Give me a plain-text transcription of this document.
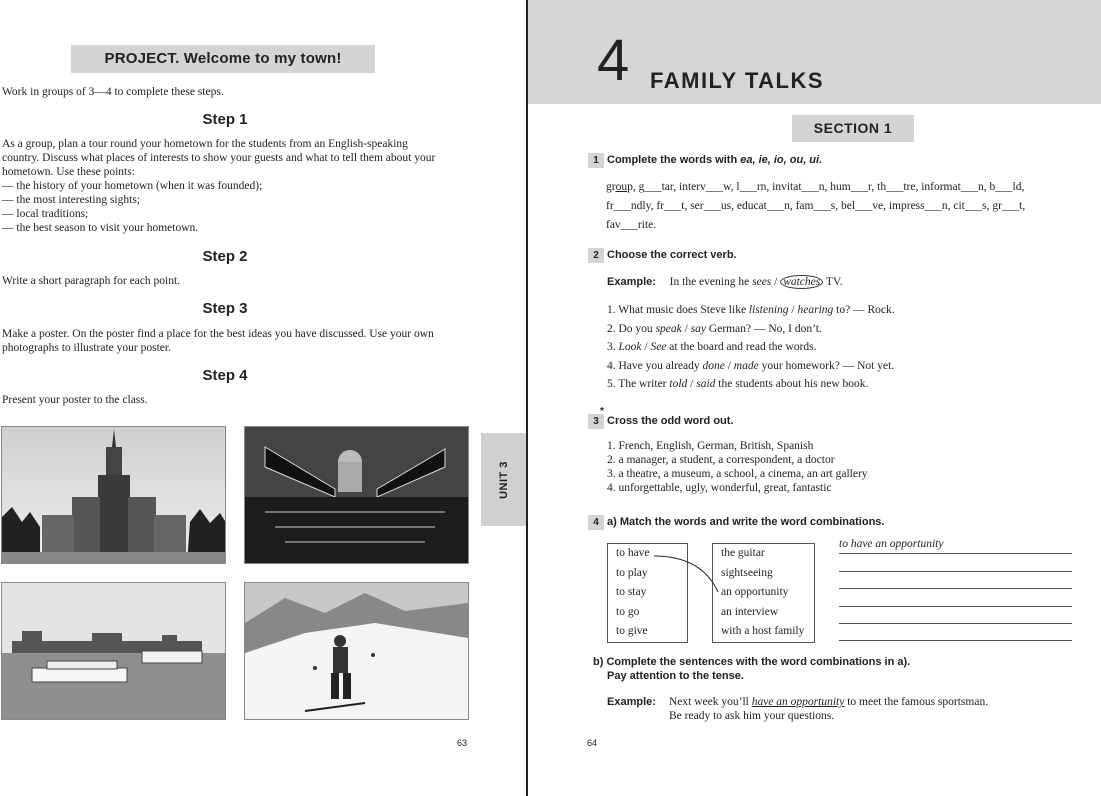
PROJECT. Welcome to my town!
Work in groups of 3—4 to complete these steps.
Step 1
As a group, plan a tour round your hometown for the students from an English-speaking
country. Discuss what places of interests to show your guests and what to tell them about your
hometown. Use these points:
— the history of your hometown (when it was founded);
— the most interesting sights;
— local traditions;
— the best season to visit your hometown.
Step 2
Write a short paragraph for each point.
Step 3
Make a poster. On the poster find a place for the best ideas you have discussed. Use your own
photographs to illustrate your poster.
Step 4
Present your poster to the class.
UNIT 3
63
4 FAMILY TALKS
SECTION 1
1 Complete the words with ea, ie, io, ou, ui.
group, g___tar, interv___w, l___rn, invitat___n, hum___r, th___tre, informat___n, b___ld,
fr___ndly, fr___t, ser___us, educat___n, fam___s, bel___ve, impress___n, cit___s, gr___t,
fav___rite.
2 Choose the correct verb.
Example: In the evening he sees / watches TV.
1. What music does Steve like listening / hearing to? — Rock.
2. Do you speak / say German? — No, I don’t.
3. Look / See at the board and read the words.
4. Have you already done / made your homework? — Not yet.
5. The writer told / said the students about his new book.
3
*
Cross the odd word out.
1. French, English, German, British, Spanish
2. a manager, a student, a correspondent, a doctor
3. a theatre, a museum, a school, a cinema, an art gallery
4. unforgettable, ugly, wonderful, great, fantastic
4 a) Match the words and write the word combinations.
to have
to play
to stay
to go
to give
the guitar
sightseeing
an opportunity
an interview
with a host family
to have an opportunity
b) Complete the sentences with the word combinations in a).
Pay attention to the tense.
Example: Next week you’ll have an opportunity to meet the famous sportsman.
Be ready to ask him your questions.
64
